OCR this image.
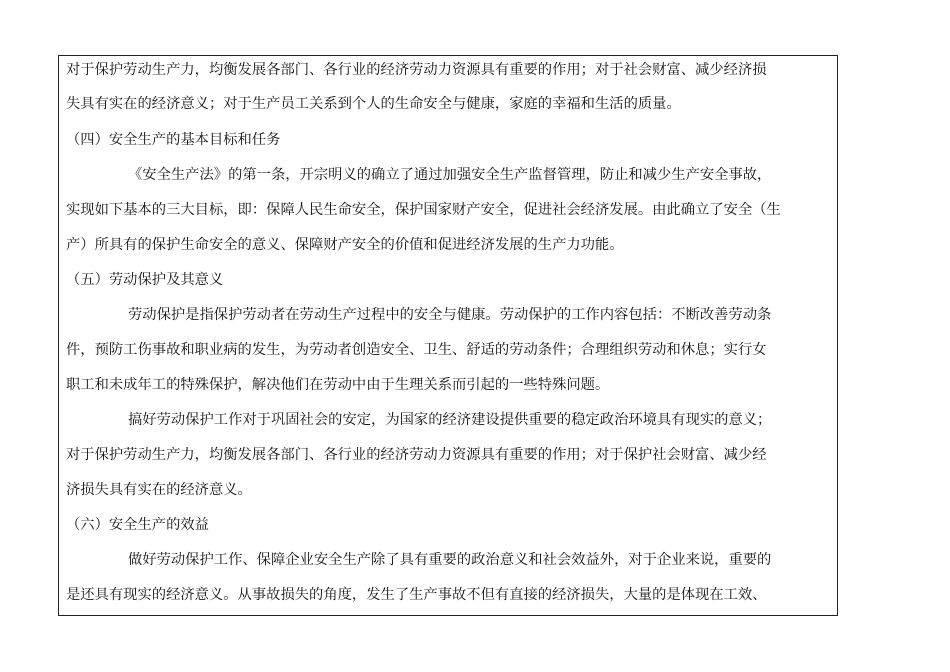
对于保护劳动生产力，均衡发展各部门、各行业的经济劳动力资源具有重要的作用；对于社会财富、减少经济损
失具有实在的经济意义；对于生产员工关系到个人的生命安全与健康，家庭的幸福和生活的质量。
（四）安全生产的基本目标和任务
《安全生产法》的第一条，开宗明义的确立了通过加强安全生产监督管理，防止和减少生产安全事故，
实现如下基本的三大目标，即：保障人民生命安全，保护国家财产安全，促进社会经济发展。由此确立了安全（生
产）所具有的保护生命安全的意义、保障财产安全的价值和促进经济发展的生产力功能。
（五）劳动保护及其意义
劳动保护是指保护劳动者在劳动生产过程中的安全与健康。劳动保护的工作内容包括：不断改善劳动条
件，预防工伤事故和职业病的发生，为劳动者创造安全、卫生、舒适的劳动条件；合理组织劳动和休息；实行女
职工和未成年工的特殊保护，解决他们在劳动中由于生理关系而引起的一些特殊问题。
搞好劳动保护工作对于巩固社会的安定，为国家的经济建设提供重要的稳定政治环境具有现实的意义；
对于保护劳动生产力，均衡发展各部门、各行业的经济劳动力资源具有重要的作用；对于保护社会财富、减少经
济损失具有实在的经济意义。
（六）安全生产的效益
做好劳动保护工作、保障企业安全生产除了具有重要的政治意义和社会效益外，对于企业来说，重要的
是还具有现实的经济意义。从事故损失的角度，发生了生产事故不但有直接的经济损失，大量的是体现在工效、
